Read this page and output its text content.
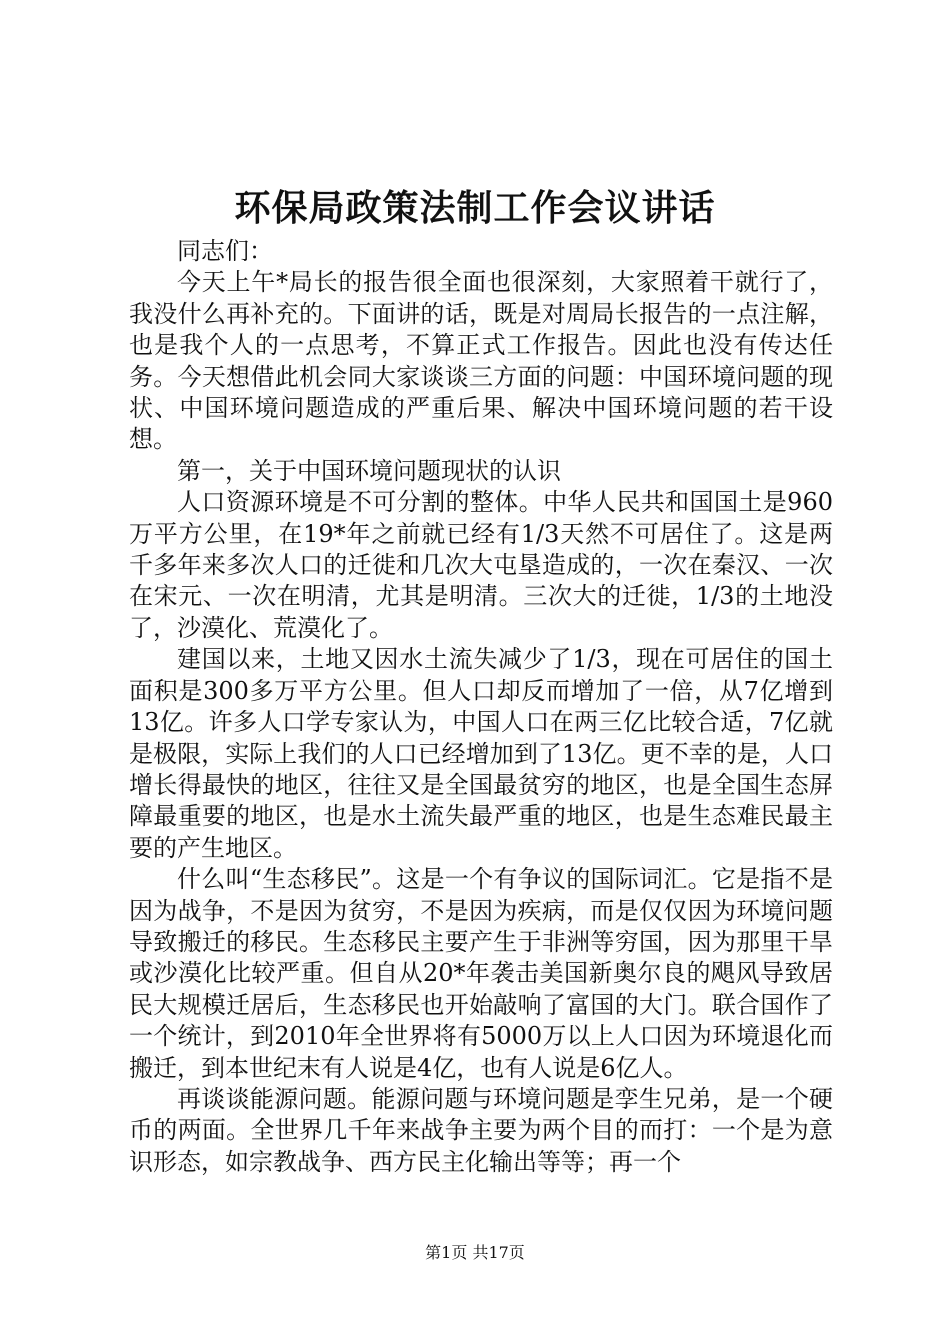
环保局政策法制工作会议讲话

同志们：

今天上午*局长的报告很全面也很深刻，大家照着干就行了，我没什么再补充的。下面讲的话，既是对周局长报告的一点注解，也是我个人的一点思考，不算正式工作报告。因此也没有传达任务。今天想借此机会同大家谈谈三方面的问题：中国环境问题的现状、中国环境问题造成的严重后果、解决中国环境问题的若干设想。

第一，关于中国环境问题现状的认识

人口资源环境是不可分割的整体。中华人民共和国国土是960万平方公里，在19*年之前就已经有1/3天然不可居住了。这是两千多年来多次人口的迁徙和几次大屯垦造成的，一次在秦汉、一次在宋元、一次在明清，尤其是明清。三次大的迁徙，1/3的土地没了，沙漠化、荒漠化了。

建国以来，土地又因水土流失减少了1/3，现在可居住的国土面积是300多万平方公里。但人口却反而增加了一倍，从7亿增到13亿。许多人口学专家认为，中国人口在两三亿比较合适，7亿就是极限，实际上我们的人口已经增加到了13亿。更不幸的是，人口增长得最快的地区，往往又是全国最贫穷的地区，也是全国生态屏障最重要的地区，也是水土流失最严重的地区，也是生态难民最主要的产生地区。

什么叫“生态移民”。这是一个有争议的国际词汇。它是指不是因为战争，不是因为贫穷，不是因为疾病，而是仅仅因为环境问题导致搬迁的移民。生态移民主要产生于非洲等穷国，因为那里干旱或沙漠化比较严重。但自从20*年袭击美国新奥尔良的飓风导致居民大规模迁居后，生态移民也开始敲响了富国的大门。联合国作了一个统计，到2010年全世界将有5000万以上人口因为环境退化而搬迁，到本世纪末有人说是4亿，也有人说是6亿人。

再谈谈能源问题。能源问题与环境问题是孪生兄弟，是一个硬币的两面。全世界几千年来战争主要为两个目的而打：一个是为意识形态，如宗教战争、西方民主化输出等等；再一个

第1页 共17页
